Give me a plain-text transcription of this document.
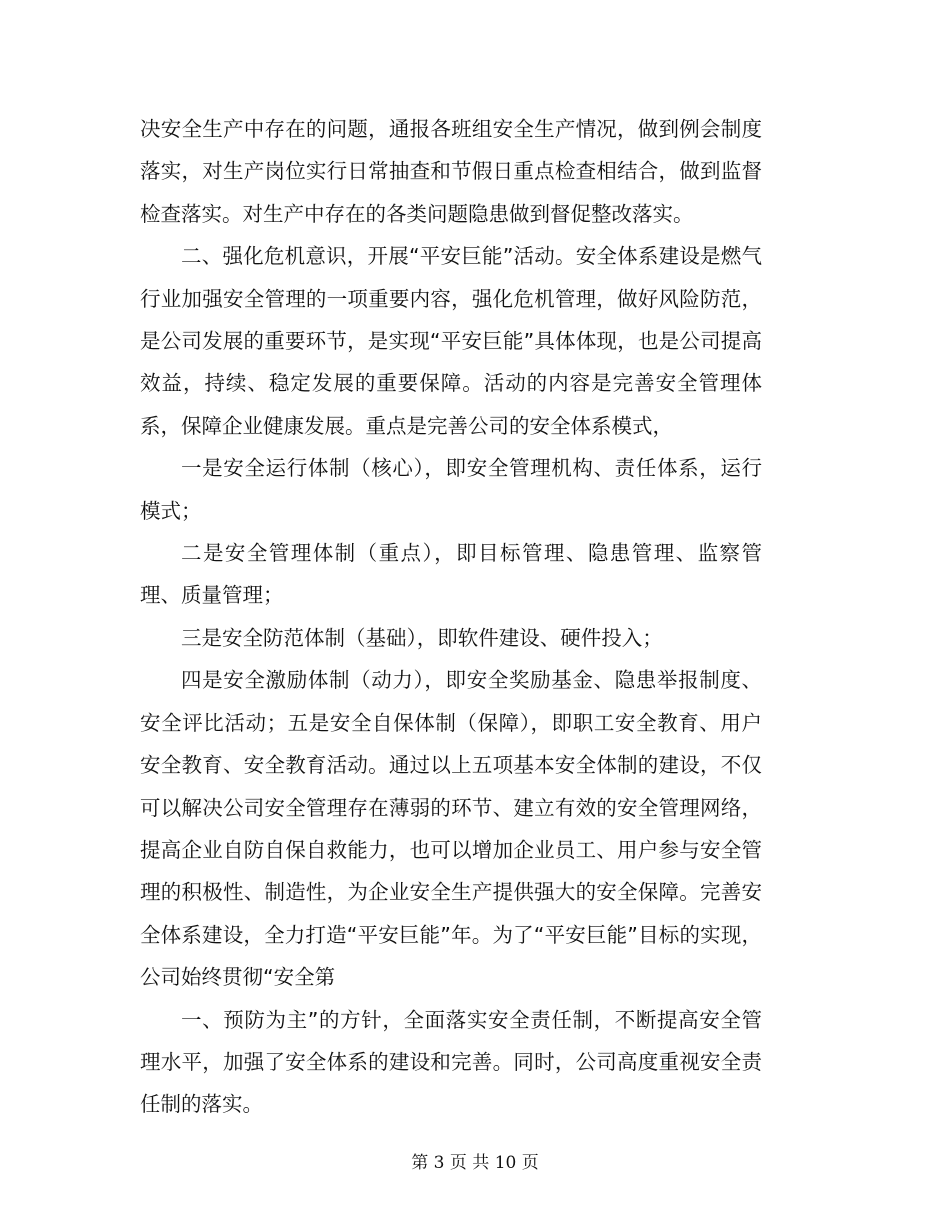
决安全生产中存在的问题，通报各班组安全生产情况，做到例会制度落实，对生产岗位实行日常抽查和节假日重点检查相结合，做到监督检查落实。对生产中存在的各类问题隐患做到督促整改落实。

二、强化危机意识，开展“平安巨能”活动。安全体系建设是燃气行业加强安全管理的一项重要内容，强化危机管理，做好风险防范，是公司发展的重要环节，是实现“平安巨能”具体体现，也是公司提高效益，持续、稳定发展的重要保障。活动的内容是完善安全管理体系，保障企业健康发展。重点是完善公司的安全体系模式，

一是安全运行体制（核心），即安全管理机构、责任体系，运行模式；

二是安全管理体制（重点），即目标管理、隐患管理、监察管理、质量管理；

三是安全防范体制（基础），即软件建设、硬件投入；

四是安全激励体制（动力），即安全奖励基金、隐患举报制度、安全评比活动；五是安全自保体制（保障），即职工安全教育、用户安全教育、安全教育活动。通过以上五项基本安全体制的建设，不仅可以解决公司安全管理存在薄弱的环节、建立有效的安全管理网络，提高企业自防自保自救能力，也可以增加企业员工、用户参与安全管理的积极性、制造性，为企业安全生产提供强大的安全保障。完善安全体系建设，全力打造“平安巨能”年。为了“平安巨能”目标的实现，公司始终贯彻“安全第

一、预防为主”的方针，全面落实安全责任制，不断提高安全管理水平，加强了安全体系的建设和完善。同时，公司高度重视安全责任制的落实。

第 3 页 共 10 页
